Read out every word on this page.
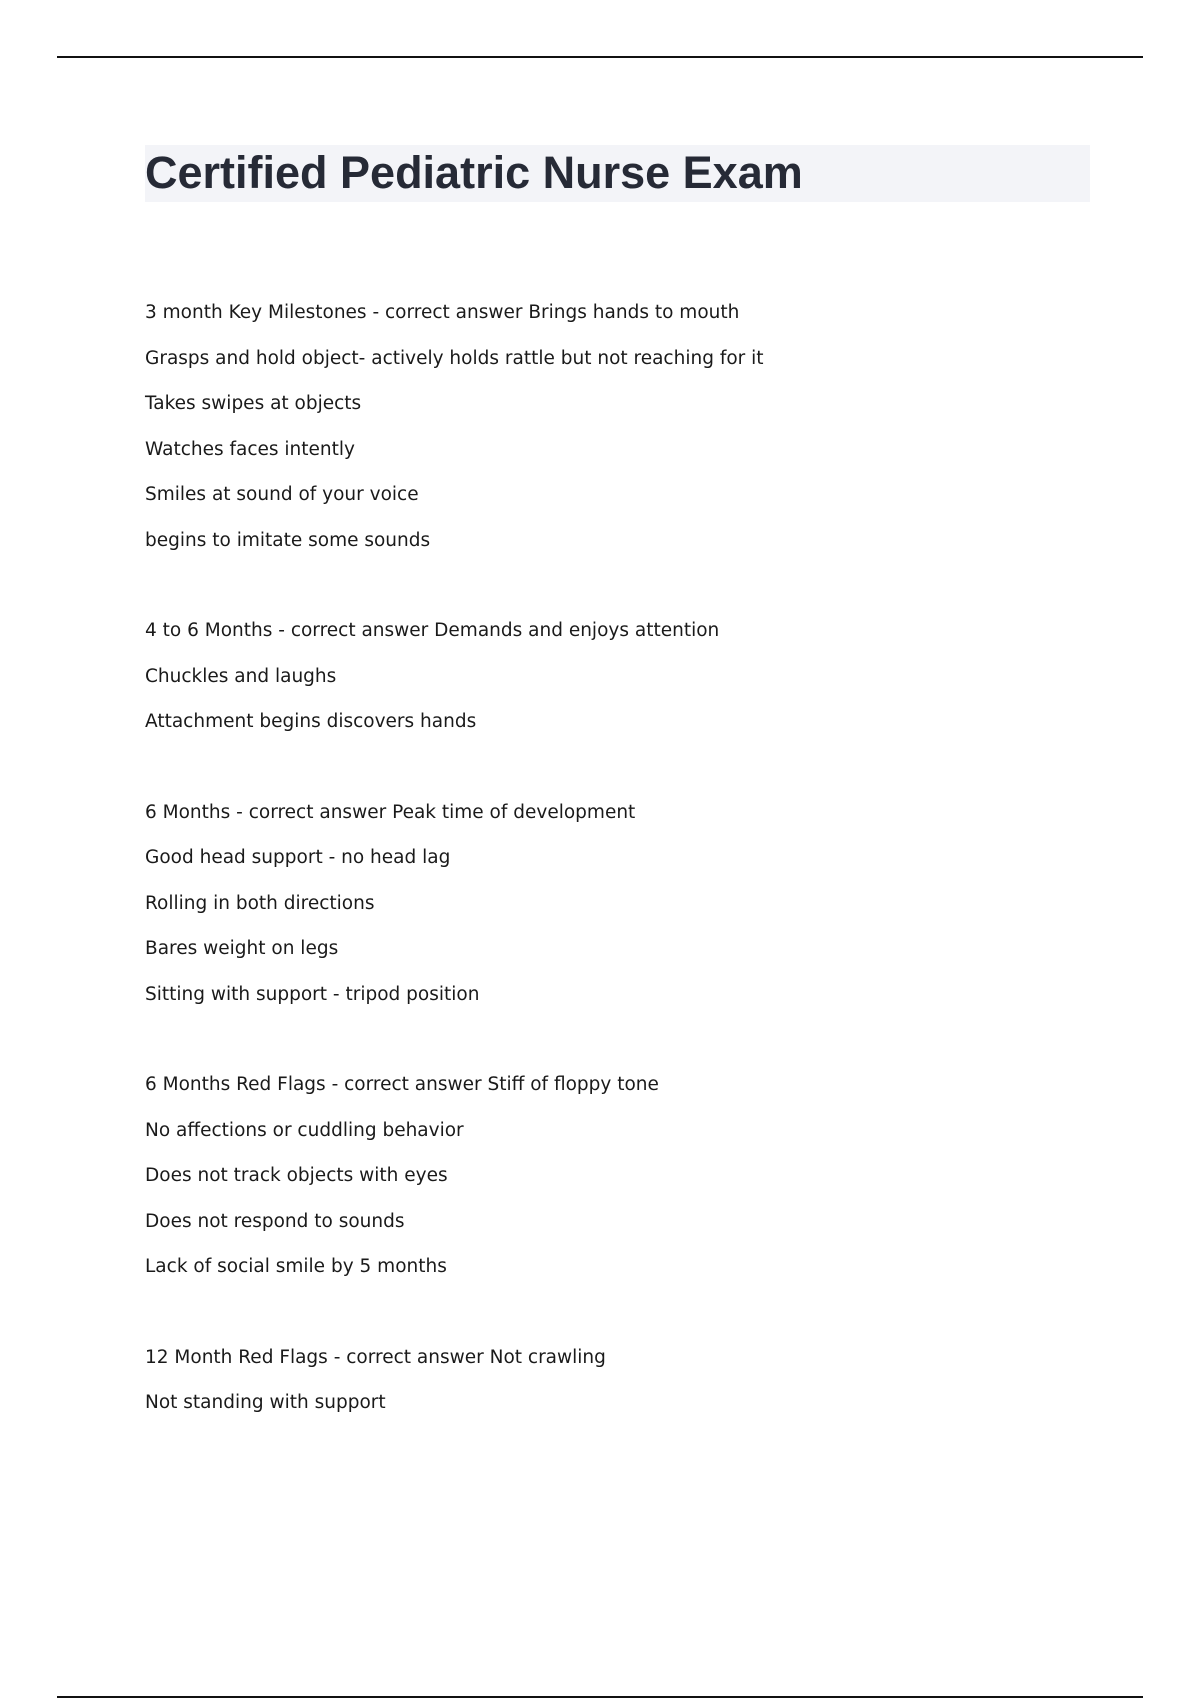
Certified Pediatric Nurse Exam
3 month Key Milestones - correct answer Brings hands to mouth
Grasps and hold object- actively holds rattle but not reaching for it
Takes swipes at objects
Watches faces intently
Smiles at sound of your voice
begins to imitate some sounds
4 to 6 Months - correct answer Demands and enjoys attention
Chuckles and laughs
Attachment begins discovers hands
6 Months - correct answer Peak time of development
Good head support - no head lag
Rolling in both directions
Bares weight on legs
Sitting with support - tripod position
6 Months Red Flags - correct answer Stiff of floppy tone
No affections or cuddling behavior
Does not track objects with eyes
Does not respond to sounds
Lack of social smile by 5 months
12 Month Red Flags - correct answer Not crawling
Not standing with support
